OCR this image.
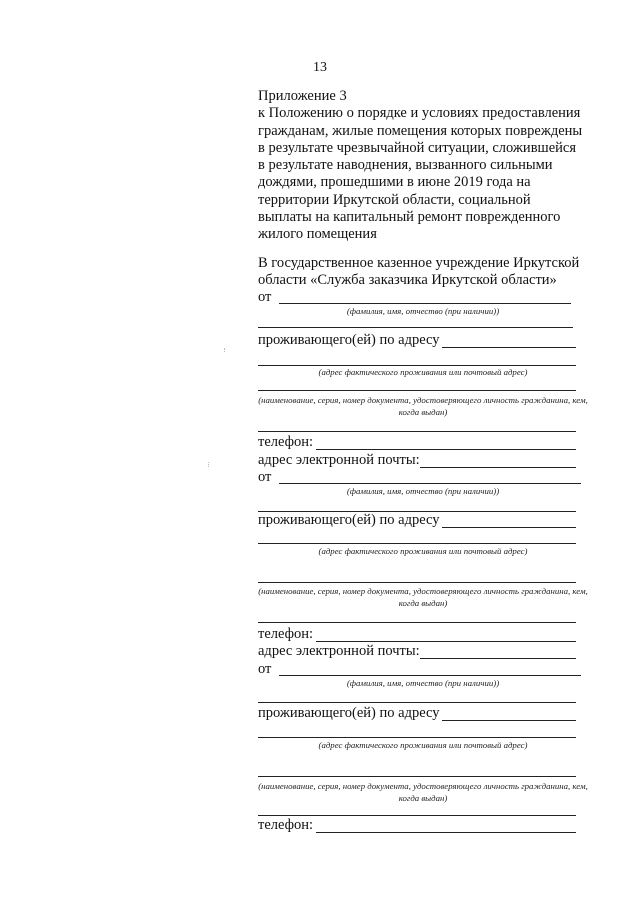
13
Приложение 3
к Положению о порядке и условиях предоставления
гражданам, жилые помещения которых повреждены
в результате чрезвычайной ситуации, сложившейся
в результате наводнения, вызванного сильными
дождями, прошедшими в июне 2019 года на
территории Иркутской области, социальной
выплаты на капитальный ремонт поврежденного
жилого помещения
В государственное казенное учреждение Иркутской
области «Служба заказчика Иркутской области»
от
(фамилия, имя, отчество (при наличии))
проживающего(ей) по адресу
(адрес фактического проживания или почтовый адрес)
(наименование, серия, номер документа, удостоверяющего личность гражданина, кем, когда выдан)
телефон:
адрес электронной почты:
от
(фамилия, имя, отчество (при наличии))
проживающего(ей) по адресу
(адрес фактического проживания или почтовый адрес)
(наименование, серия, номер документа, удостоверяющего личность гражданина, кем, когда выдан)
телефон:
адрес электронной почты:
от
(фамилия, имя, отчество (при наличии))
проживающего(ей) по адресу
(адрес фактического проживания или почтовый адрес)
(наименование, серия, номер документа, удостоверяющего личность гражданина, кем, когда выдан)
телефон:
